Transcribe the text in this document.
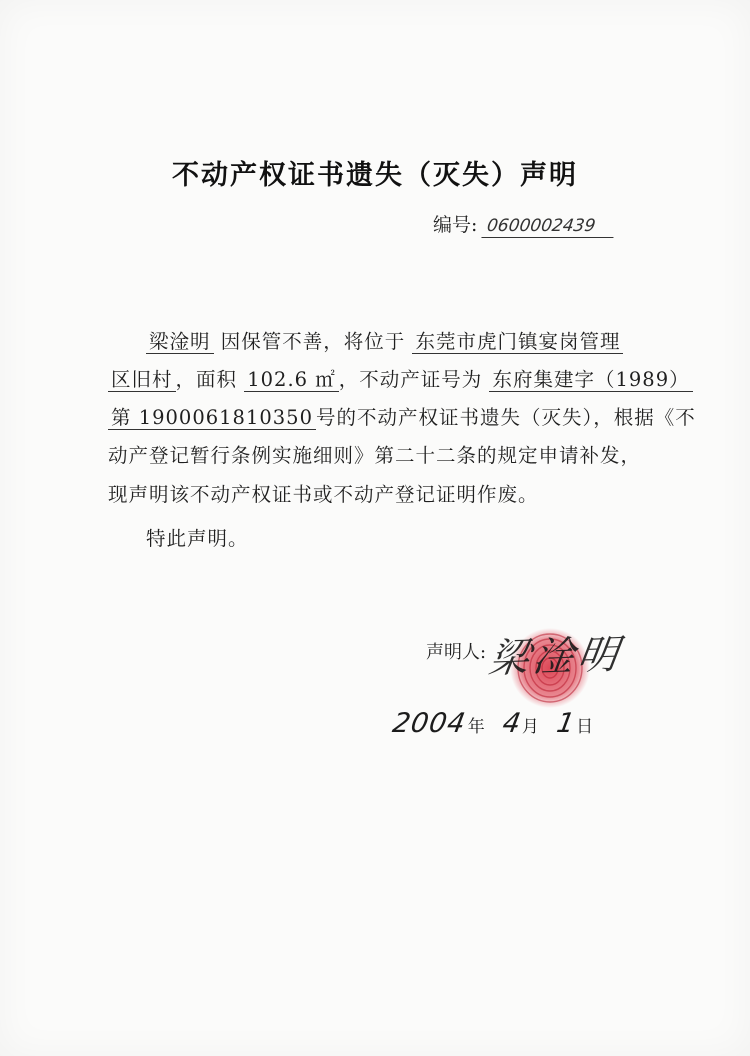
不动产权证书遗失（灭失）声明
编号: 0600002439
梁淦明 因保管不善，将位于 东莞市虎门镇宴岗管理
区旧村 ，面积 102.6 ㎡ ，不动产证号为 东府集建字（1989）
第 1900061810350 号的不动产权证书遗失（灭失），根据《不
动产登记暂行条例实施细则》第二十二条的规定申请补发，
现声明该不动产权证书或不动产登记证明作废。
特此声明。
声明人: 梁淦明
2004年 4月 1日
